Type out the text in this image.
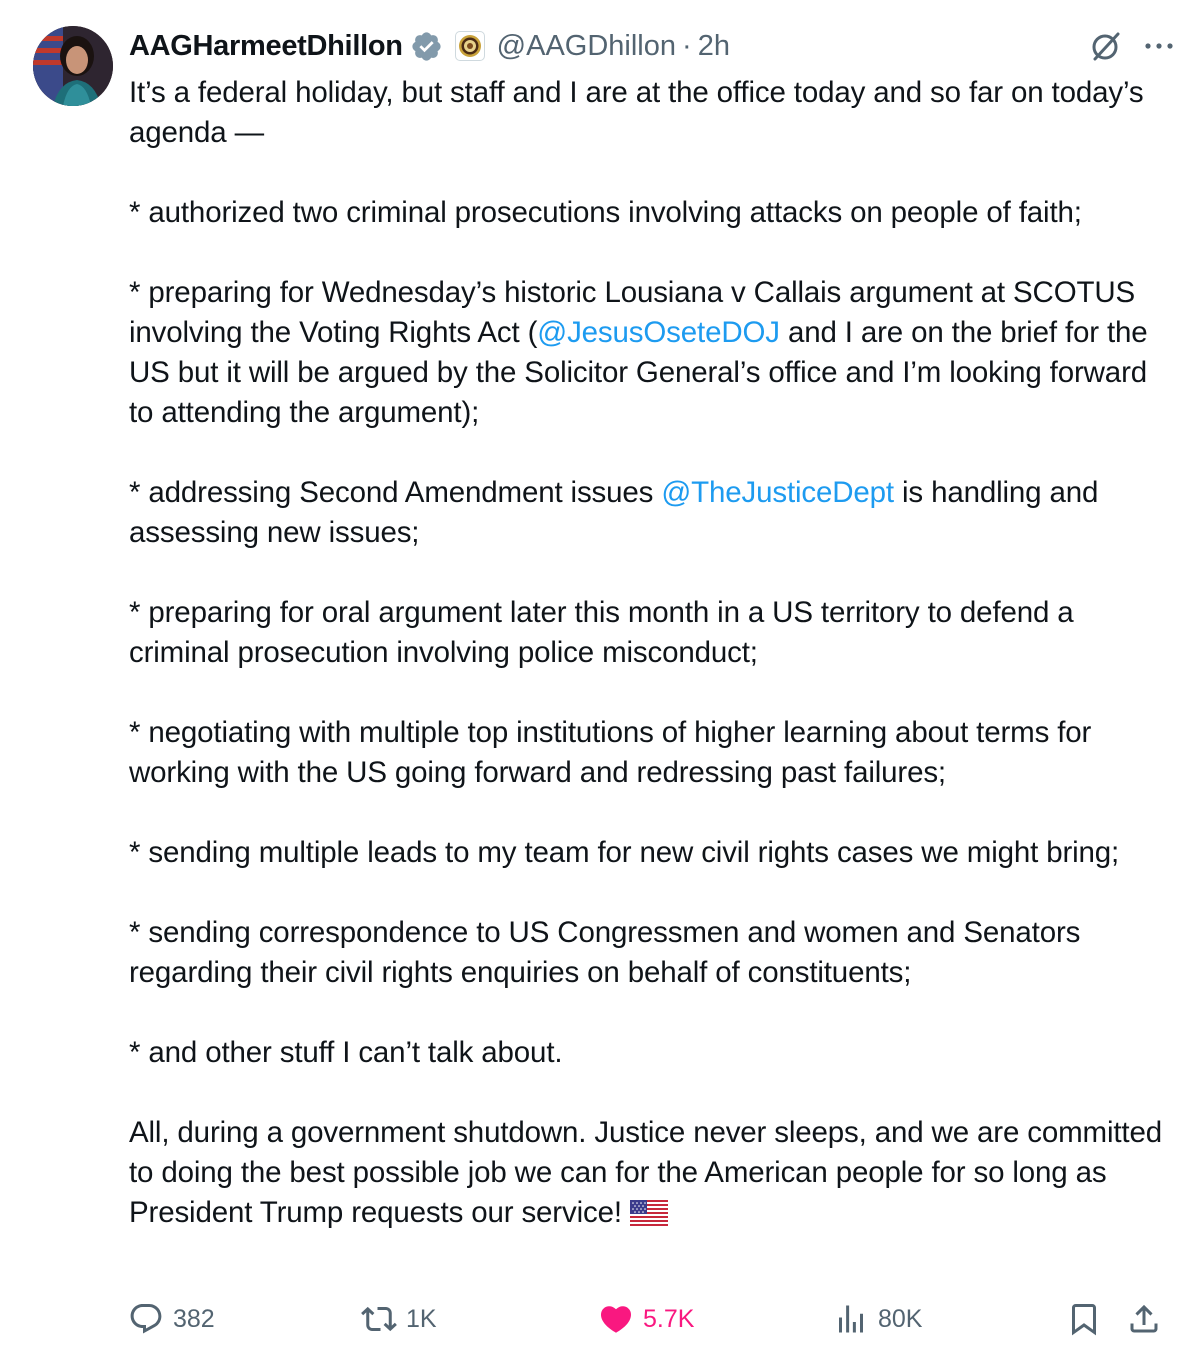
AAGHarmeetDhillon	@AAGDhillon · 2h
It’s a federal holiday, but staff and I are at the office today and so far on today’s agenda —

* authorized two criminal prosecutions involving attacks on people of faith;

* preparing for Wednesday’s historic Lousiana v Callais argument at SCOTUS involving the Voting Rights Act (@JesusOseteDOJ and I are on the brief for the US but it will be argued by the Solicitor General’s office and I’m looking forward to attending the argument);

* addressing Second Amendment issues @TheJusticeDept is handling and assessing new issues;

* preparing for oral argument later this month in a US territory to defend a criminal prosecution involving police misconduct;

* negotiating with multiple top institutions of higher learning about terms for working with the US going forward and redressing past failures;

* sending multiple leads to my team for new civil rights cases we might bring;

* sending correspondence to US Congressmen and women and Senators regarding their civil rights enquiries on behalf of constituents;

* and other stuff I can’t talk about.

All, during a government shutdown. Justice never sleeps, and we are committed to doing the best possible job we can for the American people for so long as President Trump requests our service!
382	1K	5.7K	80K
